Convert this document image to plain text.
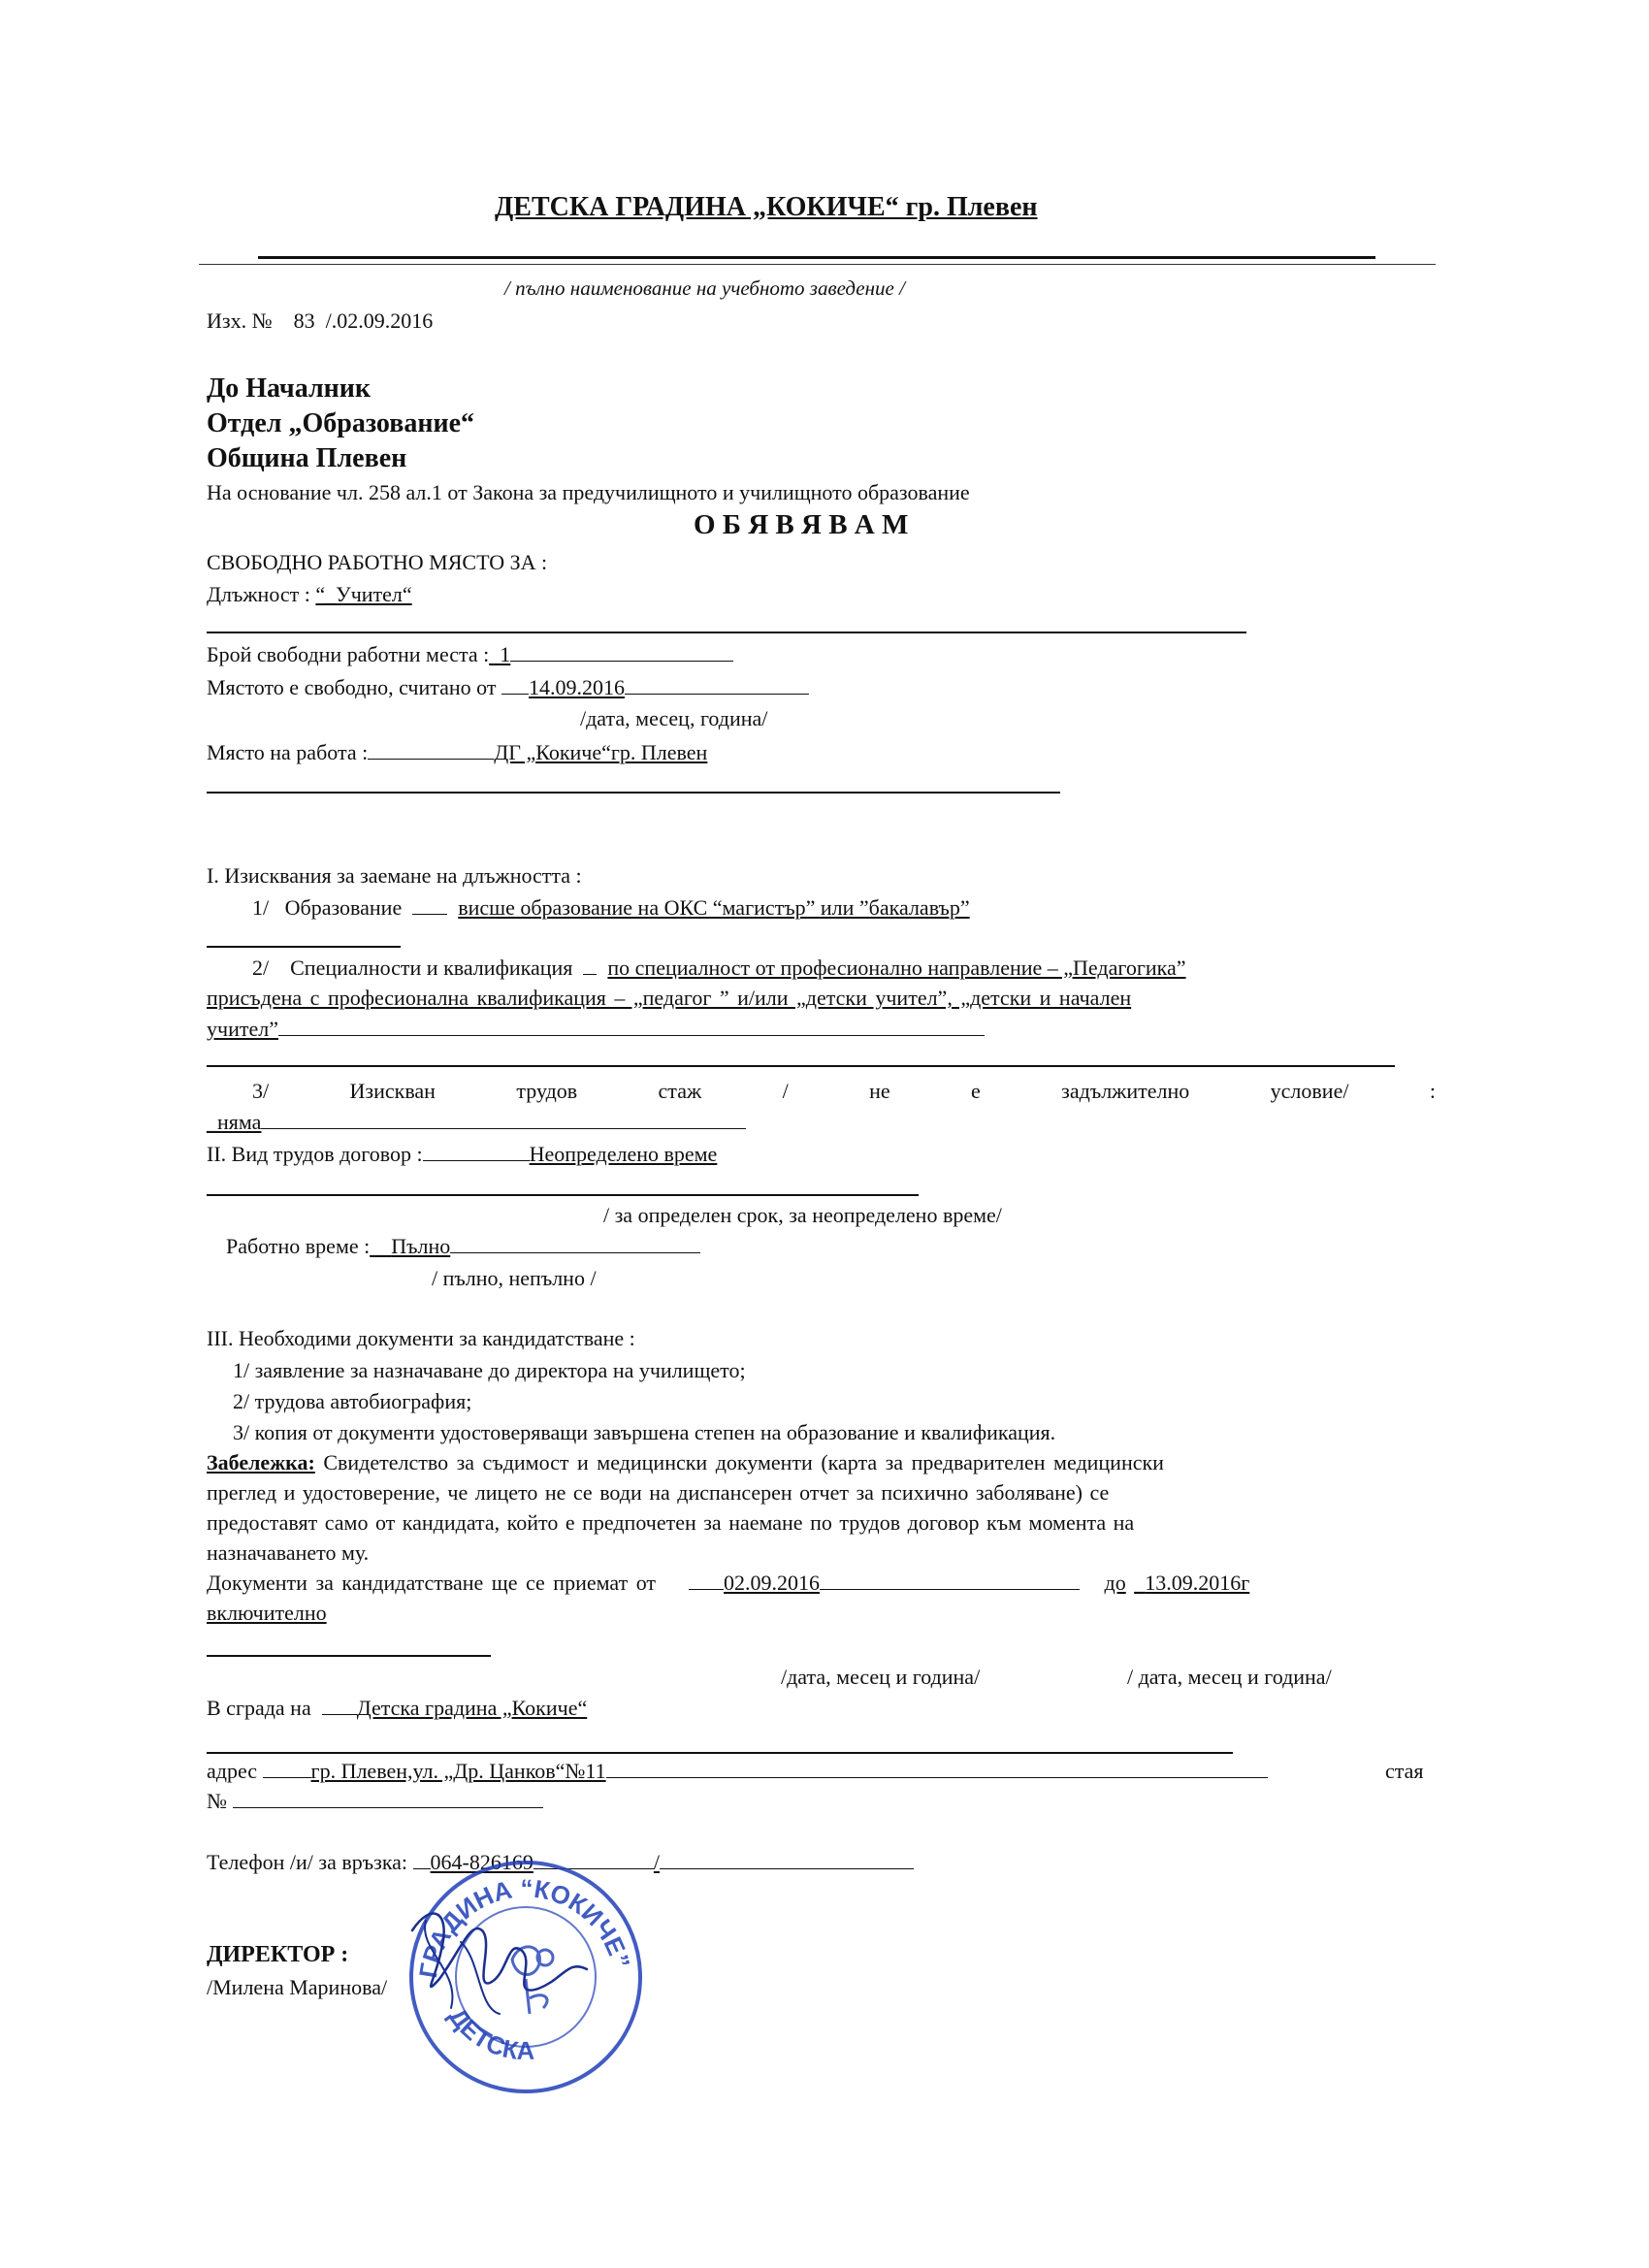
ДЕТСКА ГРАДИНА „КОКИЧЕ“ гр. Плевен
/ пълно наименование на учебното заведение /
Изх. № 83 /.02.09.2016
До Началник
Отдел „Образование“
Община Плевен
На основание чл. 258 ал.1 от Закона за предучилищното и училищното образование
О Б Я В Я В А М
СВОБОДНО РАБОТНО МЯСТО ЗА :
Длъжност : “_Учител“
Брой свободни работни места :_1
Мястото е свободно, считано от 14.09.2016
/дата, месец, година/
Място на работа :	ДГ „Кокиче“гр. Плевен
I. Изисквания за заемане на длъжността :
1/ Образование	висше образование на ОКС “магистър” или ”бакалавър”
2/ Специалности и квалификация по специалност от професионално направление – „Педагогика”
присъдена с професионална квалификация – „педагог ” и/или „детски учител”, „детски и начален
учител”
3/	Изискван	трудов	стаж	/	не	е	задължително	условие/	:
_няма
II. Вид трудов договор :	Неопределено време
/ за определен срок, за неопределено време/
Работно време :__Пълно
/ пълно, непълно /
III. Необходими документи за кандидатстване :
1/ заявление за назначаване до директора на училището;
2/ трудова автобиография;
3/ копия от документи удостоверяващи завършена степен на образование и квалификация.
Забележка: Свидетелство за съдимост и медицински документи (карта за предварителен медицински
преглед и удостоверение, че лицето не се води на диспансерен отчет за психично заболяване) се
предоставят само от кандидата, който е предпочетен за наемане по трудов договор към момента на
назначаването му.
Документи за кандидатстване ще се приемат от	02.09.2016	до _13.09.2016г
включително
/дата, месец и година/	/ дата, месец и година/
В сграда на Детска градина „Кокиче“
адрес	гр. Плевен,ул. „Др. Цанков“№11	стая
№
Телефон /и/ за връзка: 064-826169	/
ДИРЕКТОР :
/Милена Маринова/
ГРАДИНА “КОКИЧЕ”
ДЕТСКА
